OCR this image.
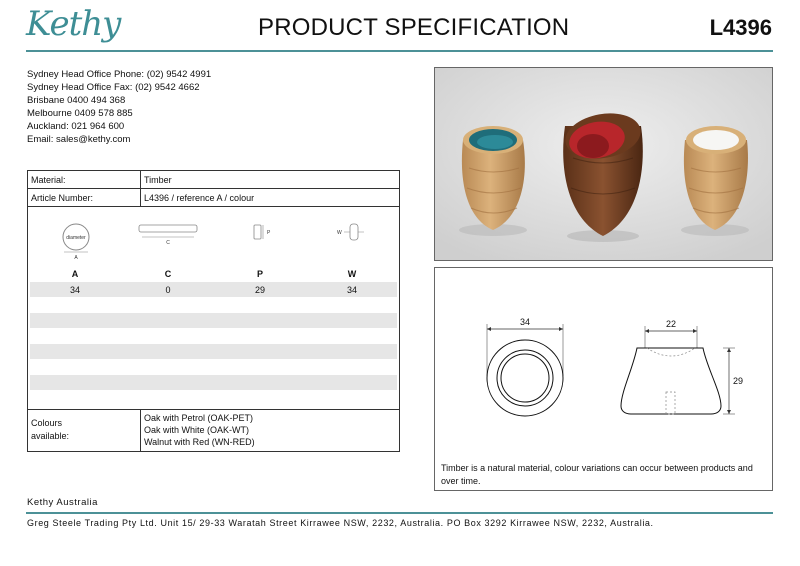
Kethy	PRODUCT SPECIFICATION	L4396
Sydney Head Office Phone: (02) 9542 4991
Sydney Head Office Fax: (02) 9542 4662
Brisbane 0400 494 368
Melbourne 0409 578 885
Auckland: 021 964 600
Email: sales@kethy.com
Material:	Timber
Article Number:	L4396 / reference A / colour
diameter
A
C
P	W
A	C	P	W
34	0	29	34
Colours
available:
Oak with Petrol (OAK-PET)
Oak with White (OAK-WT)
Walnut with Red (WN-RED)
34	22
29
Timber is a natural material, colour variations can occur between products and over time.
Kethy Australia
Greg Steele Trading Pty Ltd. Unit 15/ 29-33 Waratah Street Kirrawee NSW, 2232, Australia. PO Box 3292 Kirrawee NSW, 2232, Australia.
